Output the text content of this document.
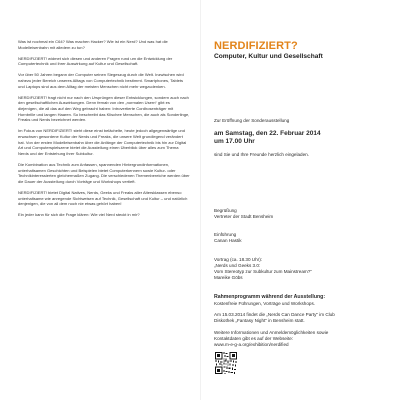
Was ist nochmal ein C64? Was machen Hacker? Wie ist ein Nerd? Und was hat die Modelleisenbahn mit alledem zu tun?

NERDIFIZIERT! widmet sich diesen und anderen Fragen rund um die Entwicklung der Computertechnik und ihrer Auswirkung auf Kultur und Gesellschaft.

Vor über 50 Jahren begann der Computer seinen Siegeszug durch die Welt. Inzwischen wird nahezu jeder Bereich unseres Alltags von Computertechnik bestimmt. Smartphones, Tablets und Laptops sind aus dem Alltag der meisten Menschen nicht mehr wegzudenken.

NERDIFIZIERT! fragt nicht nur nach den Ursprüngen dieser Entwicklungen, sondern auch nach den gesellschaftlichen Auswirkungen. Denn fernab von den „normalen Usern“ gibt es diejenigen, die all das auf den Weg gebracht haben: Introvertierte Cordhosenträger mit Hornbrille und langen Haaren. So beschreibt das Klischee Menschen, die auch als Sonderlinge, Freaks und Nerds bezeichnet werden.

Im Fokus von NERDIFIZIERT! steht diese einst belächelte, heute jedoch allgegenwärtige und erwachsen gewordene Kultur der Nerds und Freaks, die unsere Welt grundlegend verändert hat. Von der ersten Modelleisenbahn über die Anfänge der Computertechnik bis hin zur Digital Art und Computerspielszene bietet die Ausstellung einen Überblick über alles zum Thema Nerds und der Entstehung ihrer Subkultur.

Die Kombination aus Technik zum Anfassen, spannenden Hintergrundinformationen, unterhaltsamen Geschichten und Beispielen bietet Computerkennern sowie Kultur- oder Technikinteressierten gleichermaßen Zugang. Die verschiedenen Themenbereiche werden über die Dauer der Ausstellung durch Vorträge und Workshops vertieft.

NERDIFIZIERT! bietet Digital Natives, Nerds, Geeks und Freaks aller Altersklassen ebenso unterhaltsame wie anregende Sichtweisen auf Technik, Gesellschaft und Kultur – und natürlich denjenigen, die von all dem noch nie etwas gehört haben!

Ein jeder kann für sich die Frage klären: Wie viel Nerd steckt in mir?

NERDIFIZIERT?

Computer, Kultur und Gesellschaft

Zur Eröffnung der Sonderausstellung

am Samstag, den 22. Februar 2014

um 17.00 Uhr

sind Sie und Ihre Freunde herzlich eingeladen.

Begrüßung

Vertreter der Stadt Bensheim

Einführung

Canan Hastik

Vortrag (ca. 18.30 Uhr):

„Nerds und Geeks 3.0:

Vom Stereotyp zur Subkultur zum Mainstream?“

Mareike Göbs

Rahmenprogramm während der Ausstellung:

Kostenfreie Führungen, Vorträge und Workshops.

Am 15.03.2014 findet die „Nerds Can Dance Party“ im Club

Diskothek „Fantasy Night“ in Bensheim statt.

Weitere Informationen und Anmeldemöglichkeiten sowie

Kontaktdaten gibt es auf der Webseite:

www.m-e-g-a.org/exhibition/nerdified
